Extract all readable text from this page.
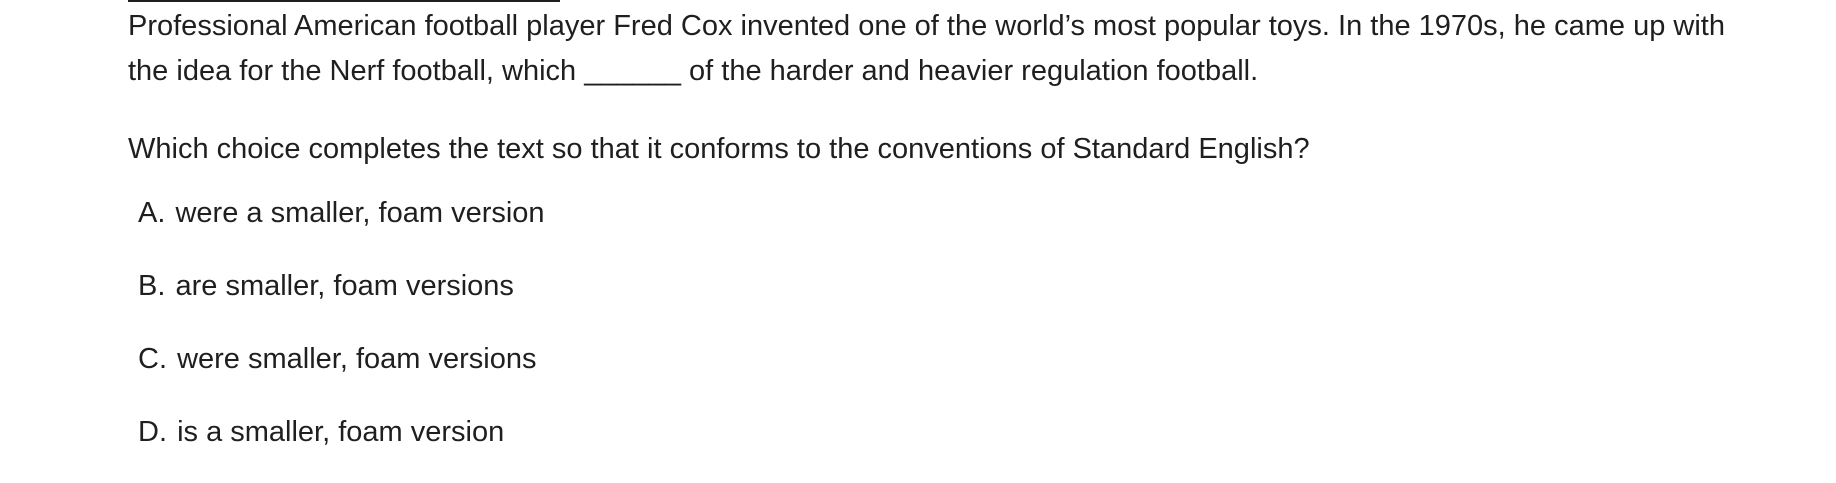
Professional American football player Fred Cox invented one of the world’s most popular toys. In the 1970s, he came up with the idea for the Nerf football, which ______ of the harder and heavier regulation football.

Which choice completes the text so that it conforms to the conventions of Standard English?

A. were a smaller, foam version
B. are smaller, foam versions
C. were smaller, foam versions
D. is a smaller, foam version
